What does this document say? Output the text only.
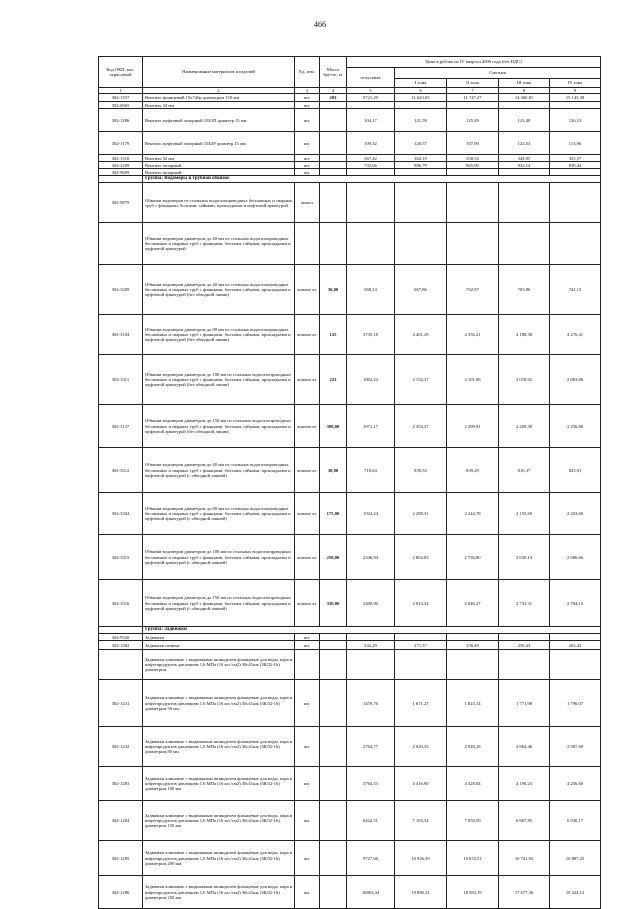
466
Код ОКП, кол. отраслевой	Наименование материалов и изделий	Ед. изм.	Масса брутто, кг	Цена в рублях на IV квартал 2006 года (без НДС)				
				отпускная	Сметная			
					I зона	II зона	III зона	IV зона
1	2	3	4	5	6	7	8	9
302-1357	Вентиль фланцевый 15ч74бр диаметром 150 мм	шт.	203	9721,29	11 623,05	11 747,27	14 360,81	15 143,38
302-0665	Вентиль 32 мм	шт.						
302-1286	Вентиль муфтовый запорный 15Б1П диаметр 15 мм	шт.		104,17	121,59	125,49	123,40	126,13
302-1179	Вентиль муфтовый запорный 15Б3Р диаметр 15 мм	шт.		109,32	120,57	107,90	122,53	113,96
302-1310	Вентиль 32 мм	шт.		367,42	362,19	358,54	344,95	353,57
302-2209	Вентиль запорный	шт.		742,66	886,79	865,90	832,14	839,44
302-9609	Вентиль запорный	шт.						
	Группа: Водомеры в трубной обвязке							
302-9879	Обвязки водомеров из стальных водогазопроводных бесшовных и сварных труб с фланцами, болтами, гайками, прокладками и муфтовой арматурой	компл						
	Обвязки водомеров диаметром до 40 мм из стальных водогазопроводных бесшовных и сварных труб с фланцами, болтами, гайками, прокладками и муфтовой арматурой							
302-3309	Обвязки водомеров диаметром до 40 мм из стальных водогазопроводных бесшовных и сварных труб с фланцами, болтами, гайками, прокладками и муфтовой арматурой (без обводной линии)	компле кт	30,00	568,14	667,86	702,97	703,86	742,13
302-3104	Обвязки водомеров диаметром до 80 мм из стальных водогазопроводных бесшовных и сварных труб с фланцами, болтами, гайками, прокладками и муфтовой арматурой (без обводной линии)	компле кт	125	3735,18	4 401,29	4 356,21	4 188,38	4 276,41
302-3311	Обвязки водомеров диаметром до 100 мм из стальных водогазопроводных бесшовных и сварных труб с фланцами, болтами, гайками, прокладками и муфтовой арматурой (без обводной линии)	компле кт	223	1802,23	2 152,37	2 101,96	2 018,92	2 063,86
302-3127	Обвязки водомеров диаметром до 150 мм из стальных водогазопроводных бесшовных и сварных труб с фланцами, болтами, гайками, прокладками и муфтовой арматурой (без обводной линии)	компле кт	300,00	1971,17	2 354,37	2 299,91	2 209,39	2 256,80
302-3312	Обвязки водомеров диаметром до 40 мм из стальных водогазопроводных бесшовных и сварных труб с фланцами, болтами, гайками, прокладками и муфтовой арматурой (с обводной линией)	компле кт	30,00	710,64	839,33	839,29	816,37	823,91
302-3304	Обвязки водомеров диаметром до 80 мм из стальных водогазопроводных бесшовных и сварных труб с фланцами, болтами, гайками, прокладками и муфтовой арматурой (с обводной линией)	компле кт	175,00	1924,24	2 298,31	2 244,78	2 155,69	2 203,66
302-3315	Обвязки водомеров диаметром до 100 мм из стальных водогазопроводных бесшовных и сварных труб с фланцами, болтами, гайками, прокладками и муфтовой арматурой (с обводной линией)	компле кт	250,00	2346,94	2 802,83	2 736,80	2 630,13	2 686,66
302-3316	Обвязки водомеров диаметром до 150 мм из стальных водогазопроводных бесшовных и сварных труб с фланцами, болтами, гайками, прокладками и муфтовой арматурой (с обводной линией)	компле кт	350,00	2400,90	2 914,34	2 846,27	2 733,31	2 794,13
	Группа: Задвижки							
302-9320	Задвижки	шт.						
302-1302	Задвижки печные	шт.		242,29	271,37	256,49	256,43	263,42
	Задвижки клиновые с выдвижным шпинделем фланцевые для воды, пара и нефтепродуктов давлением 1,6 МПа (16 кгс/см2) 30с41нж (ЗКЛ2-16) диаметром							
302-1231	Задвижки клиновые с выдвижным шпинделем фланцевые для воды, пара и нефтепродуктов давлением 1,6 МПа (16 кгс/см2) 30с41нж (ЗКЛ2-16) диаметром 50 мм	шт.		1470,76	1 671,27	1 823,14	1 771,98	1 796,07
302-1232	Задвижки клиновые с выдвижным шпинделем фланцевые для воды, пара и нефтепродуктов давлением 1,6 МПа (16 кгс/см2) 30с41нж (ЗКЛ2-16) диаметром 80 мм	шт.		2764,77	2 020,33	2 948,18	2 862,46	2 907,60
302-1283	Задвижки клиновые с выдвижным шпинделем фланцевые для воды, пара и нефтепродуктов давлением 1,6 МПа (16 кгс/см2) 30с41нж (ЗКЛ2-16) диаметром 100 мм	шт.		3764,53	4 416,90	4 328,04	4 190,23	4 256,60
302-1284	Задвижки клиновые с выдвижным шпинделем фланцевые для воды, пара и нефтепродуктов давлением 1,6 МПа (16 кгс/см2) 30с41нж (ЗКЛ2-16) диаметром 150 мм	шт.		6422,51	7 103,34	7 050,50	6 867,85	6 930,17
302-1285	Задвижки клиновые с выдвижным шпинделем фланцевые для воды, пара и нефтепродуктов давлением 1,6 МПа (16 кгс/см2) 30с41нж (ЗКЛ2-16) диаметром 200 мм	шт.		9727,66	10 926,39	10 633,51	10 741,92	10 887,25
302-1286	Задвижки клиновые с выдвижным шпинделем фланцевые для воды, пара и нефтепродуктов давлением 1,6 МПа (16 кгс/см2) 30с41нж (ЗКЛ2-16) диаметром 250 мм	шт.		16863,44	19 880,31	18 583,19	17 677,36	18 224,13
